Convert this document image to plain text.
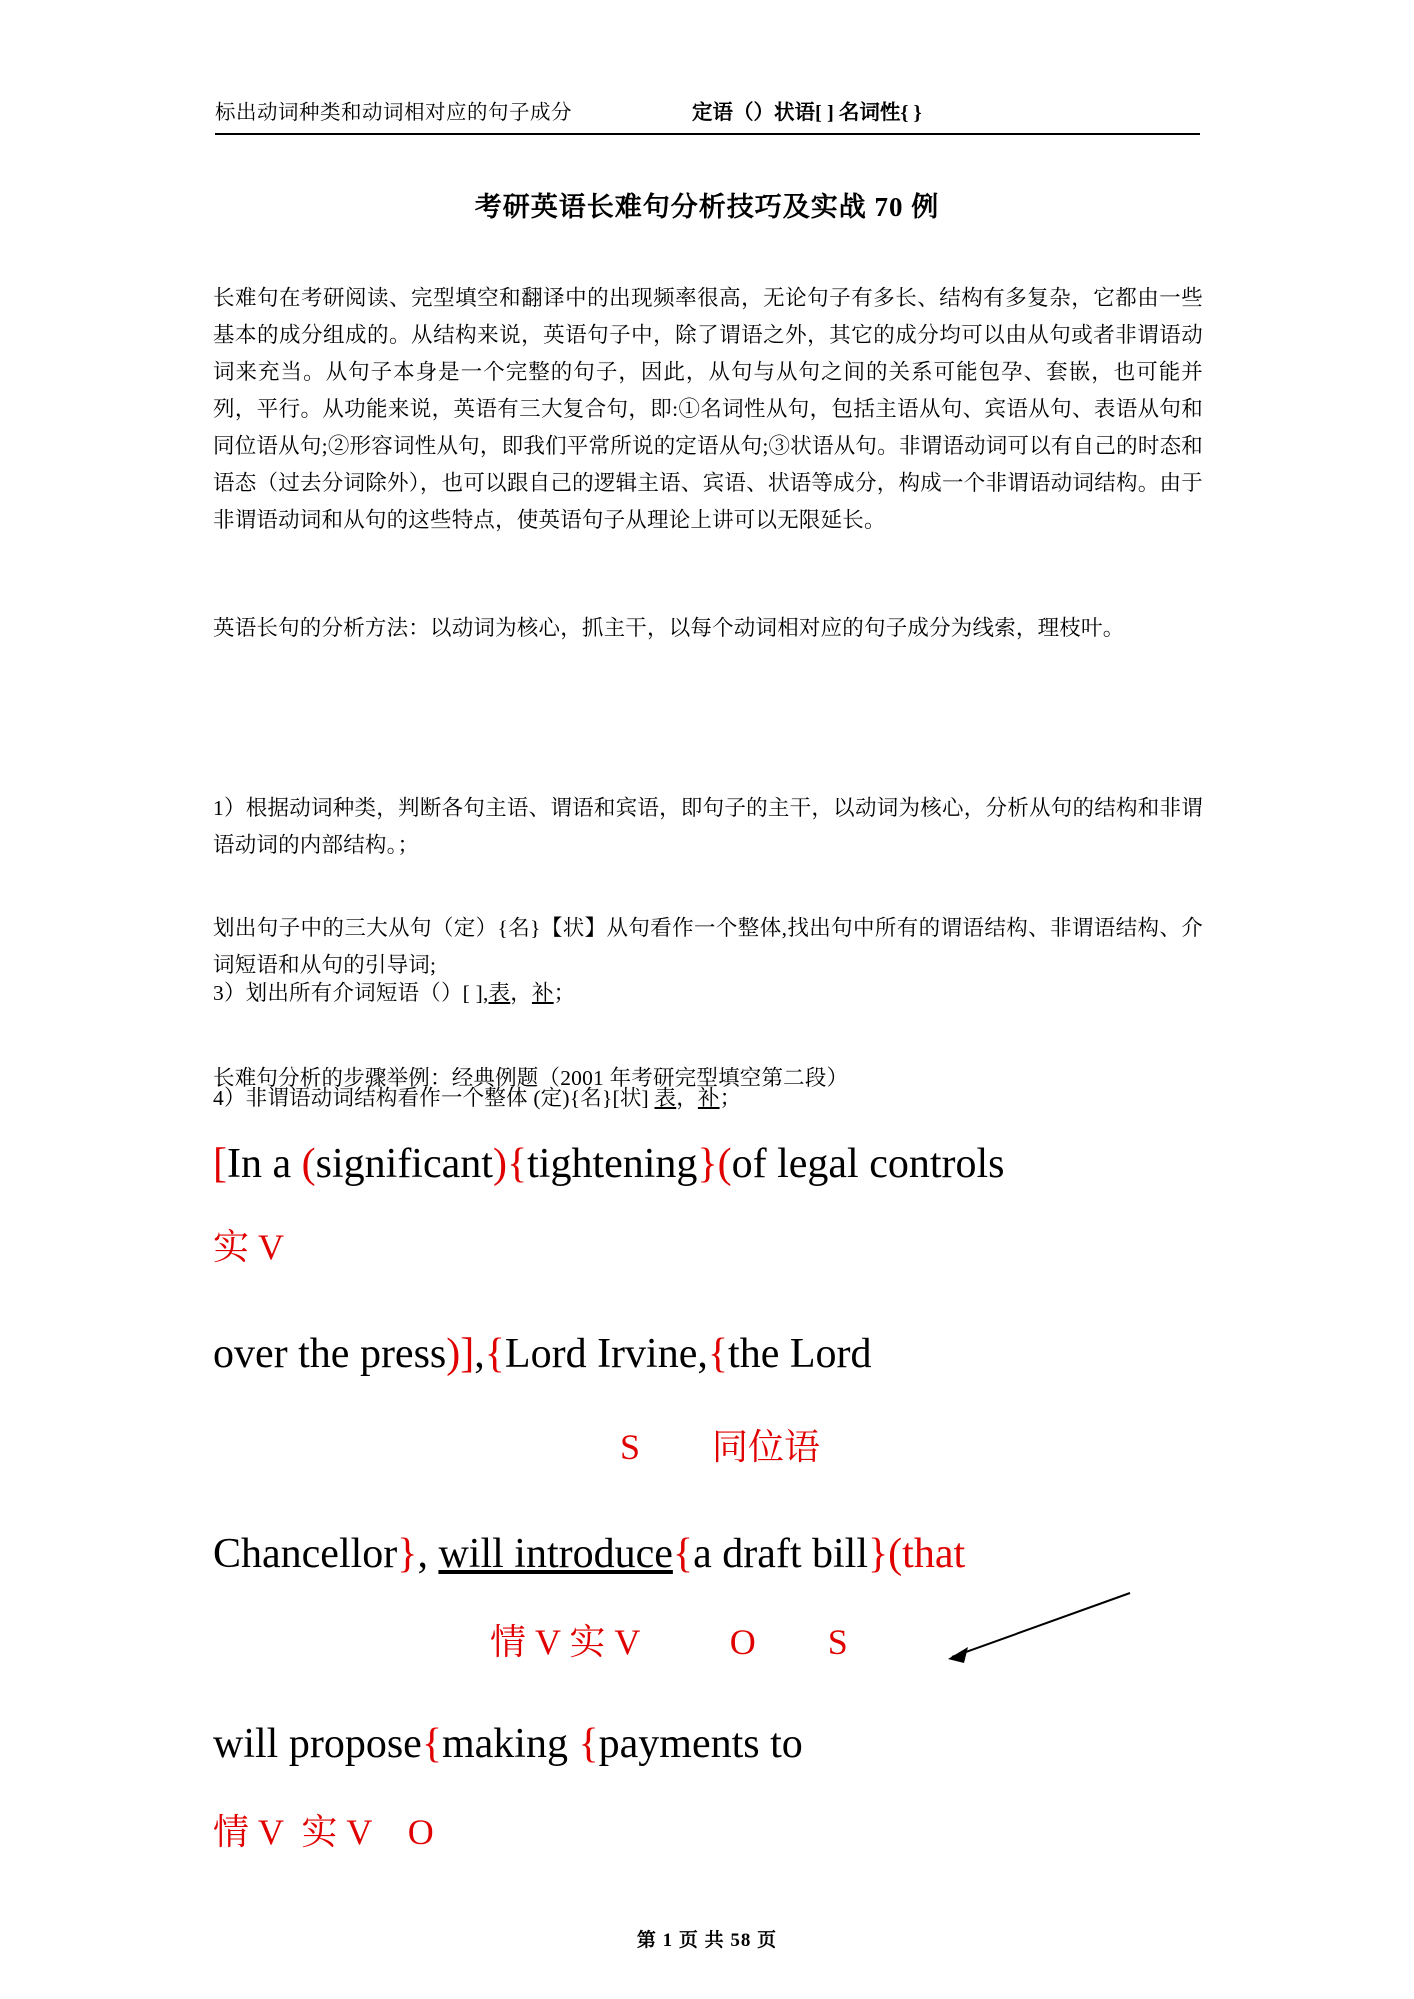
标出动词种类和动词相对应的句子成分	定语（）状语[ ] 名词性{ }
考研英语长难句分析技巧及实战 70 例

长难句在考研阅读、完型填空和翻译中的出现频率很高，无论句子有多长、结构有多复杂，它都由一些基本的成分组成的。从结构来说，英语句子中，除了谓语之外，其它的成分均可以由从句或者非谓语动词来充当。从句子本身是一个完整的句子，因此，从句与从句之间的关系可能包孕、套嵌，也可能并列，平行。从功能来说，英语有三大复合句，即:①名词性从句，包括主语从句、宾语从句、表语从句和同位语从句;②形容词性从句，即我们平常所说的定语从句;③状语从句。非谓语动词可以有自己的时态和语态（过去分词除外），也可以跟自己的逻辑主语、宾语、状语等成分，构成一个非谓语动词结构。由于非谓语动词和从句的这些特点，使英语句子从理论上讲可以无限延长。

英语长句的分析方法：以动词为核心，抓主干，以每个动词相对应的句子成分为线索，理枝叶。

1）根据动词种类，判断各句主语、谓语和宾语，即句子的主干，以动词为核心，分析从句的结构和非谓语动词的内部结构。；

划出句子中的三大从句（定）{名}【状】从句看作一个整体,找出句中所有的谓语结构、非谓语结构、介词短语和从句的引导词;

3）划出所有介词短语（）[ ],表，补；

4）非谓语动词结构看作一个整体 (定){名}[状] 表，补；

长难句分析的步骤举例：经典例题（2001 年考研完型填空第二段）

[In a (significant){tightening}(of legal controls
实 V
over the press)],{Lord Irvine,{the Lord
S        同位语
Chancellor}, will introduce{a draft bill}(that
情 V 实 V          O        S
will propose{making {payments to
情 V  实 V    O
第 1 页 共 58 页
